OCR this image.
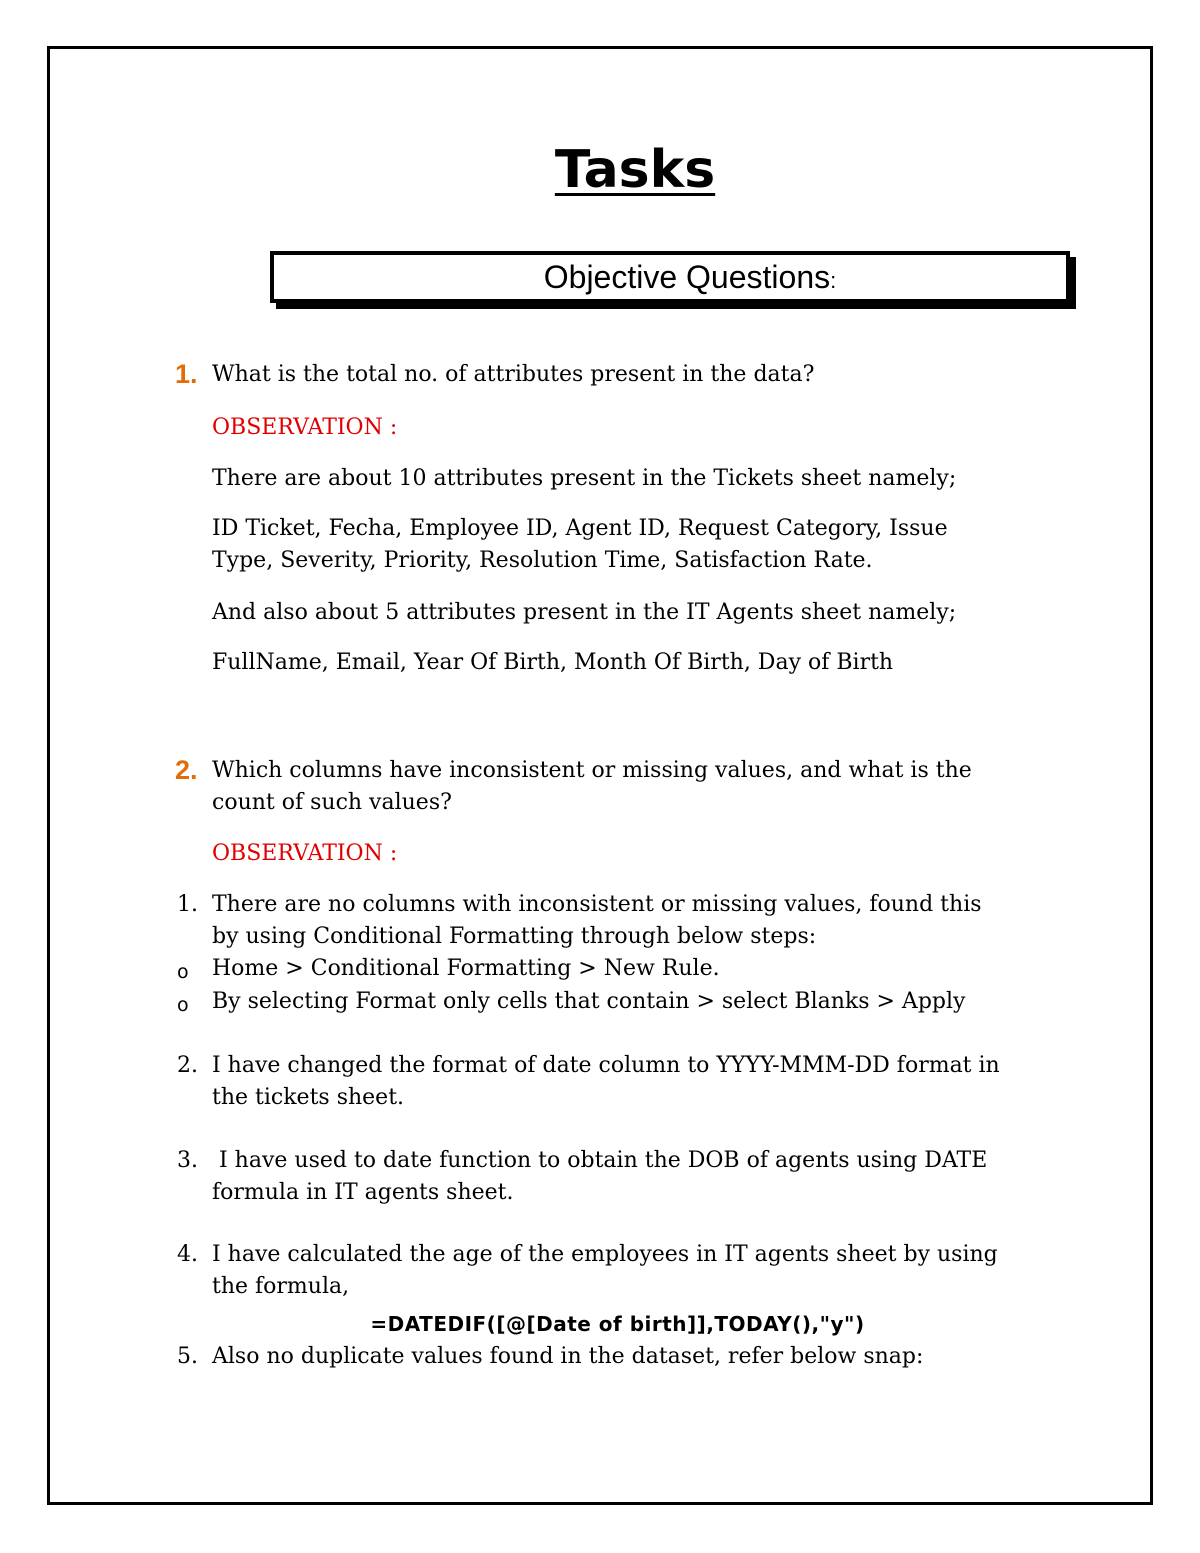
Tasks
Objective Questions:
1. What is the total no. of attributes present in the data?
OBSERVATION :
There are about 10 attributes present in the Tickets sheet namely;
ID Ticket, Fecha, Employee ID, Agent ID, Request Category, Issue
Type, Severity, Priority, Resolution Time, Satisfaction Rate.
And also about 5 attributes present in the IT Agents sheet namely;
FullName, Email, Year Of Birth, Month Of Birth, Day of Birth
2. Which columns have inconsistent or missing values, and what is the
count of such values?
OBSERVATION :
1. There are no columns with inconsistent or missing values, found this
by using Conditional Formatting through below steps:
o Home > Conditional Formatting > New Rule.
o By selecting Format only cells that contain > select Blanks > Apply
2. I have changed the format of date column to YYYY-MMM-DD format in
the tickets sheet.
3. I have used to date function to obtain the DOB of agents using DATE
formula in IT agents sheet.
4. I have calculated the age of the employees in IT agents sheet by using
the formula,
=DATEDIF([@[Date of birth]],TODAY(),"y")
5. Also no duplicate values found in the dataset, refer below snap:
